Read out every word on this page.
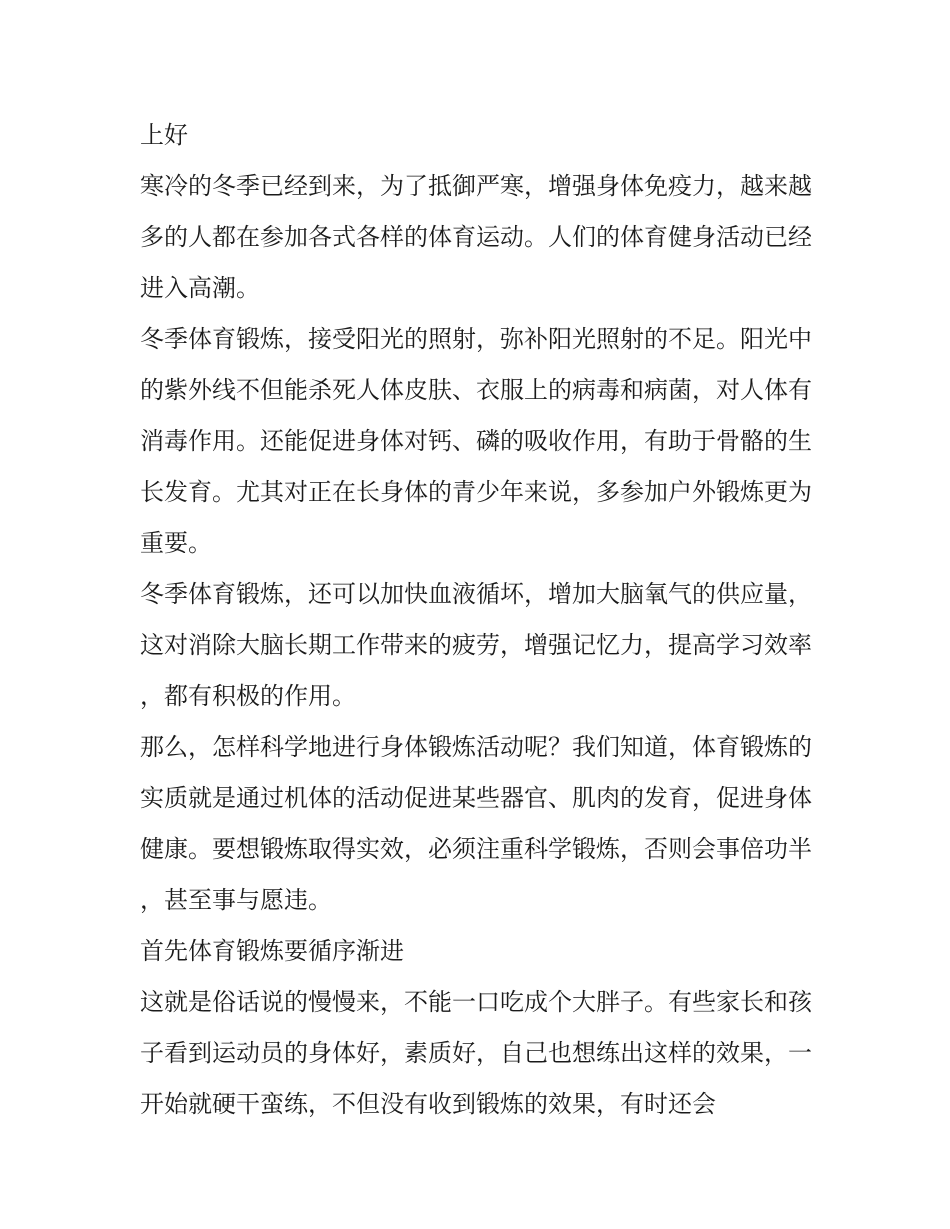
上好

寒冷的冬季已经到来，为了抵御严寒，增强身体免疫力，越来越多的人都在参加各式各样的体育运动。人们的体育健身活动已经进入高潮。

冬季体育锻炼，接受阳光的照射，弥补阳光照射的不足。阳光中的紫外线不但能杀死人体皮肤、衣服上的病毒和病菌，对人体有消毒作用。还能促进身体对钙、磷的吸收作用，有助于骨骼的生长发育。尤其对正在长身体的青少年来说，多参加户外锻炼更为重要。

冬季体育锻炼，还可以加快血液循坏，增加大脑氧气的供应量，这对消除大脑长期工作带来的疲劳，增强记忆力，提高学习效率，都有积极的作用。

那么，怎样科学地进行身体锻炼活动呢？我们知道，体育锻炼的实质就是通过机体的活动促进某些器官、肌肉的发育，促进身体健康。要想锻炼取得实效，必须注重科学锻炼，否则会事倍功半，甚至事与愿违。

首先体育锻炼要循序渐进

这就是俗话说的慢慢来，不能一口吃成个大胖子。有些家长和孩子看到运动员的身体好，素质好，自己也想练出这样的效果，一开始就硬干蛮练，不但没有收到锻炼的效果，有时还会
